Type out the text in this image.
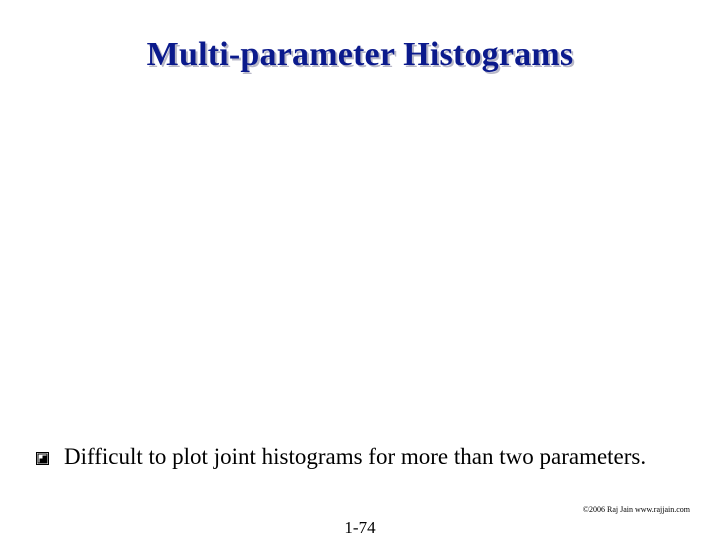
Multi-parameter Histograms
Difficult to plot joint histograms for more than two parameters.
©2006 Raj Jain www.rajjain.com
1-74
